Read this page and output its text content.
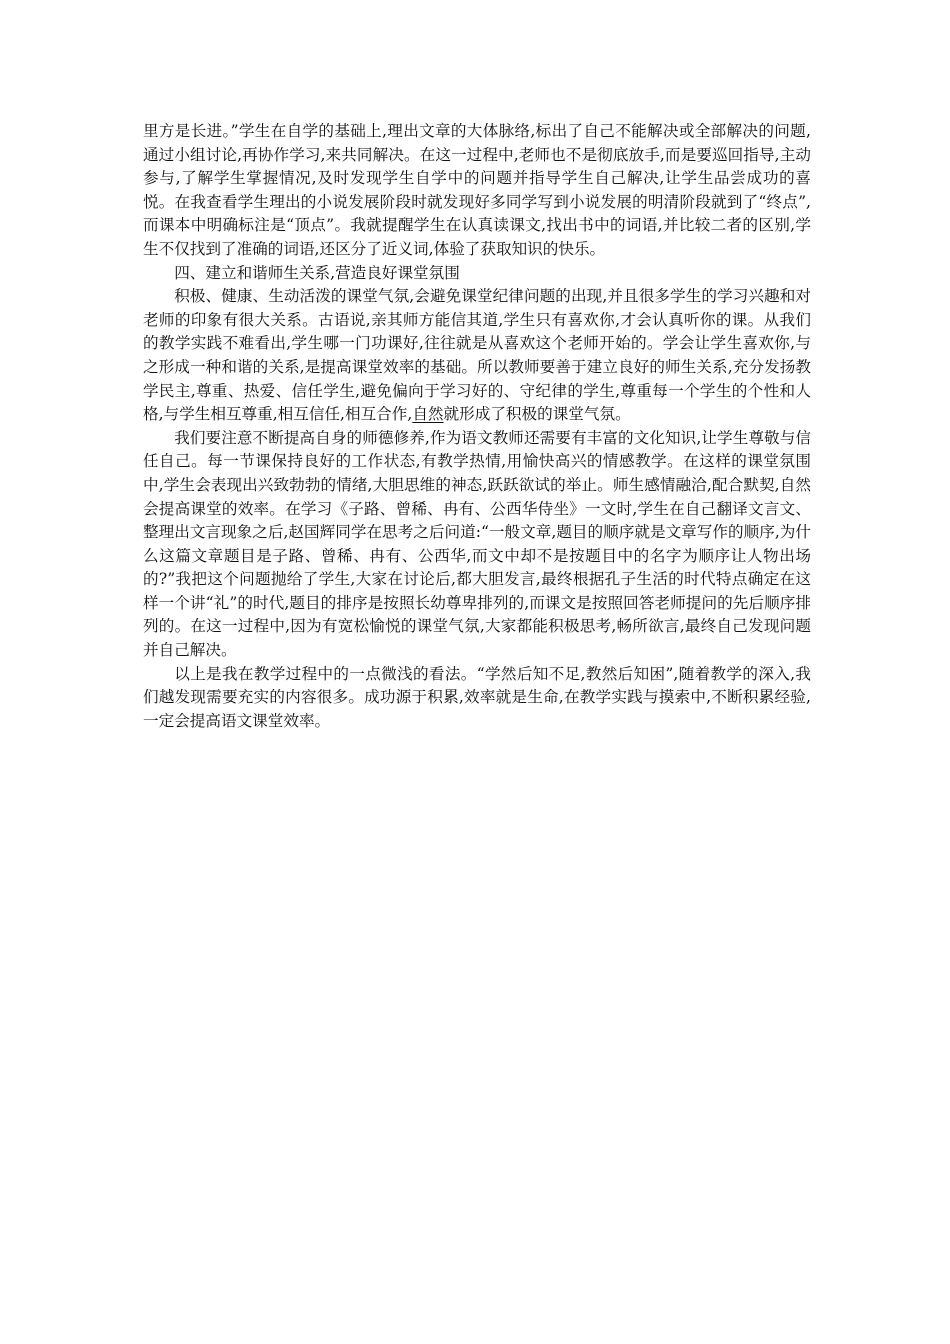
里方是长进。”学生在自学的基础上,理出文章的大体脉络,标出了自己不能解决或全部解决的问题,通过小组讨论,再协作学习,来共同解决。在这一过程中,老师也不是彻底放手,而是要巡回指导,主动参与,了解学生掌握情况,及时发现学生自学中的问题并指导学生自己解决,让学生品尝成功的喜悦。在我查看学生理出的小说发展阶段时就发现好多同学写到小说发展的明清阶段就到了“终点”,而课本中明确标注是“顶点”。我就提醒学生在认真读课文,找出书中的词语,并比较二者的区别,学生不仅找到了准确的词语,还区分了近义词,体验了获取知识的快乐。

四、建立和谐师生关系,营造良好课堂氛围

积极、健康、生动活泼的课堂气氛,会避免课堂纪律问题的出现,并且很多学生的学习兴趣和对老师的印象有很大关系。古语说,亲其师方能信其道,学生只有喜欢你,才会认真听你的课。从我们的教学实践不难看出,学生哪一门功课好,往往就是从喜欢这个老师开始的。学会让学生喜欢你,与之形成一种和谐的关系,是提高课堂效率的基础。所以教师要善于建立良好的师生关系,充分发扬教学民主,尊重、热爱、信任学生,避免偏向于学习好的、守纪律的学生,尊重每一个学生的个性和人格,与学生相互尊重,相互信任,相互合作,自然就形成了积极的课堂气氛。

我们要注意不断提高自身的师德修养,作为语文教师还需要有丰富的文化知识,让学生尊敬与信任自己。每一节课保持良好的工作状态,有教学热情,用愉快高兴的情感教学。在这样的课堂氛围中,学生会表现出兴致勃勃的情绪,大胆思维的神态,跃跃欲试的举止。师生感情融洽,配合默契,自然会提高课堂的效率。在学习《子路、曾稀、冉有、公西华侍坐》一文时,学生在自己翻译文言文、整理出文言现象之后,赵国辉同学在思考之后问道:“一般文章,题目的顺序就是文章写作的顺序,为什么这篇文章题目是子路、曾稀、冉有、公西华,而文中却不是按题目中的名字为顺序让人物出场的?”我把这个问题抛给了学生,大家在讨论后,都大胆发言,最终根据孔子生活的时代特点确定在这样一个讲“礼”的时代,题目的排序是按照长幼尊卑排列的,而课文是按照回答老师提问的先后顺序排列的。在这一过程中,因为有宽松愉悦的课堂气氛,大家都能积极思考,畅所欲言,最终自己发现问题并自己解决。

以上是我在教学过程中的一点微浅的看法。“学然后知不足,教然后知困”,随着教学的深入,我们越发现需要充实的内容很多。成功源于积累,效率就是生命,在教学实践与摸索中,不断积累经验,一定会提高语文课堂效率。
